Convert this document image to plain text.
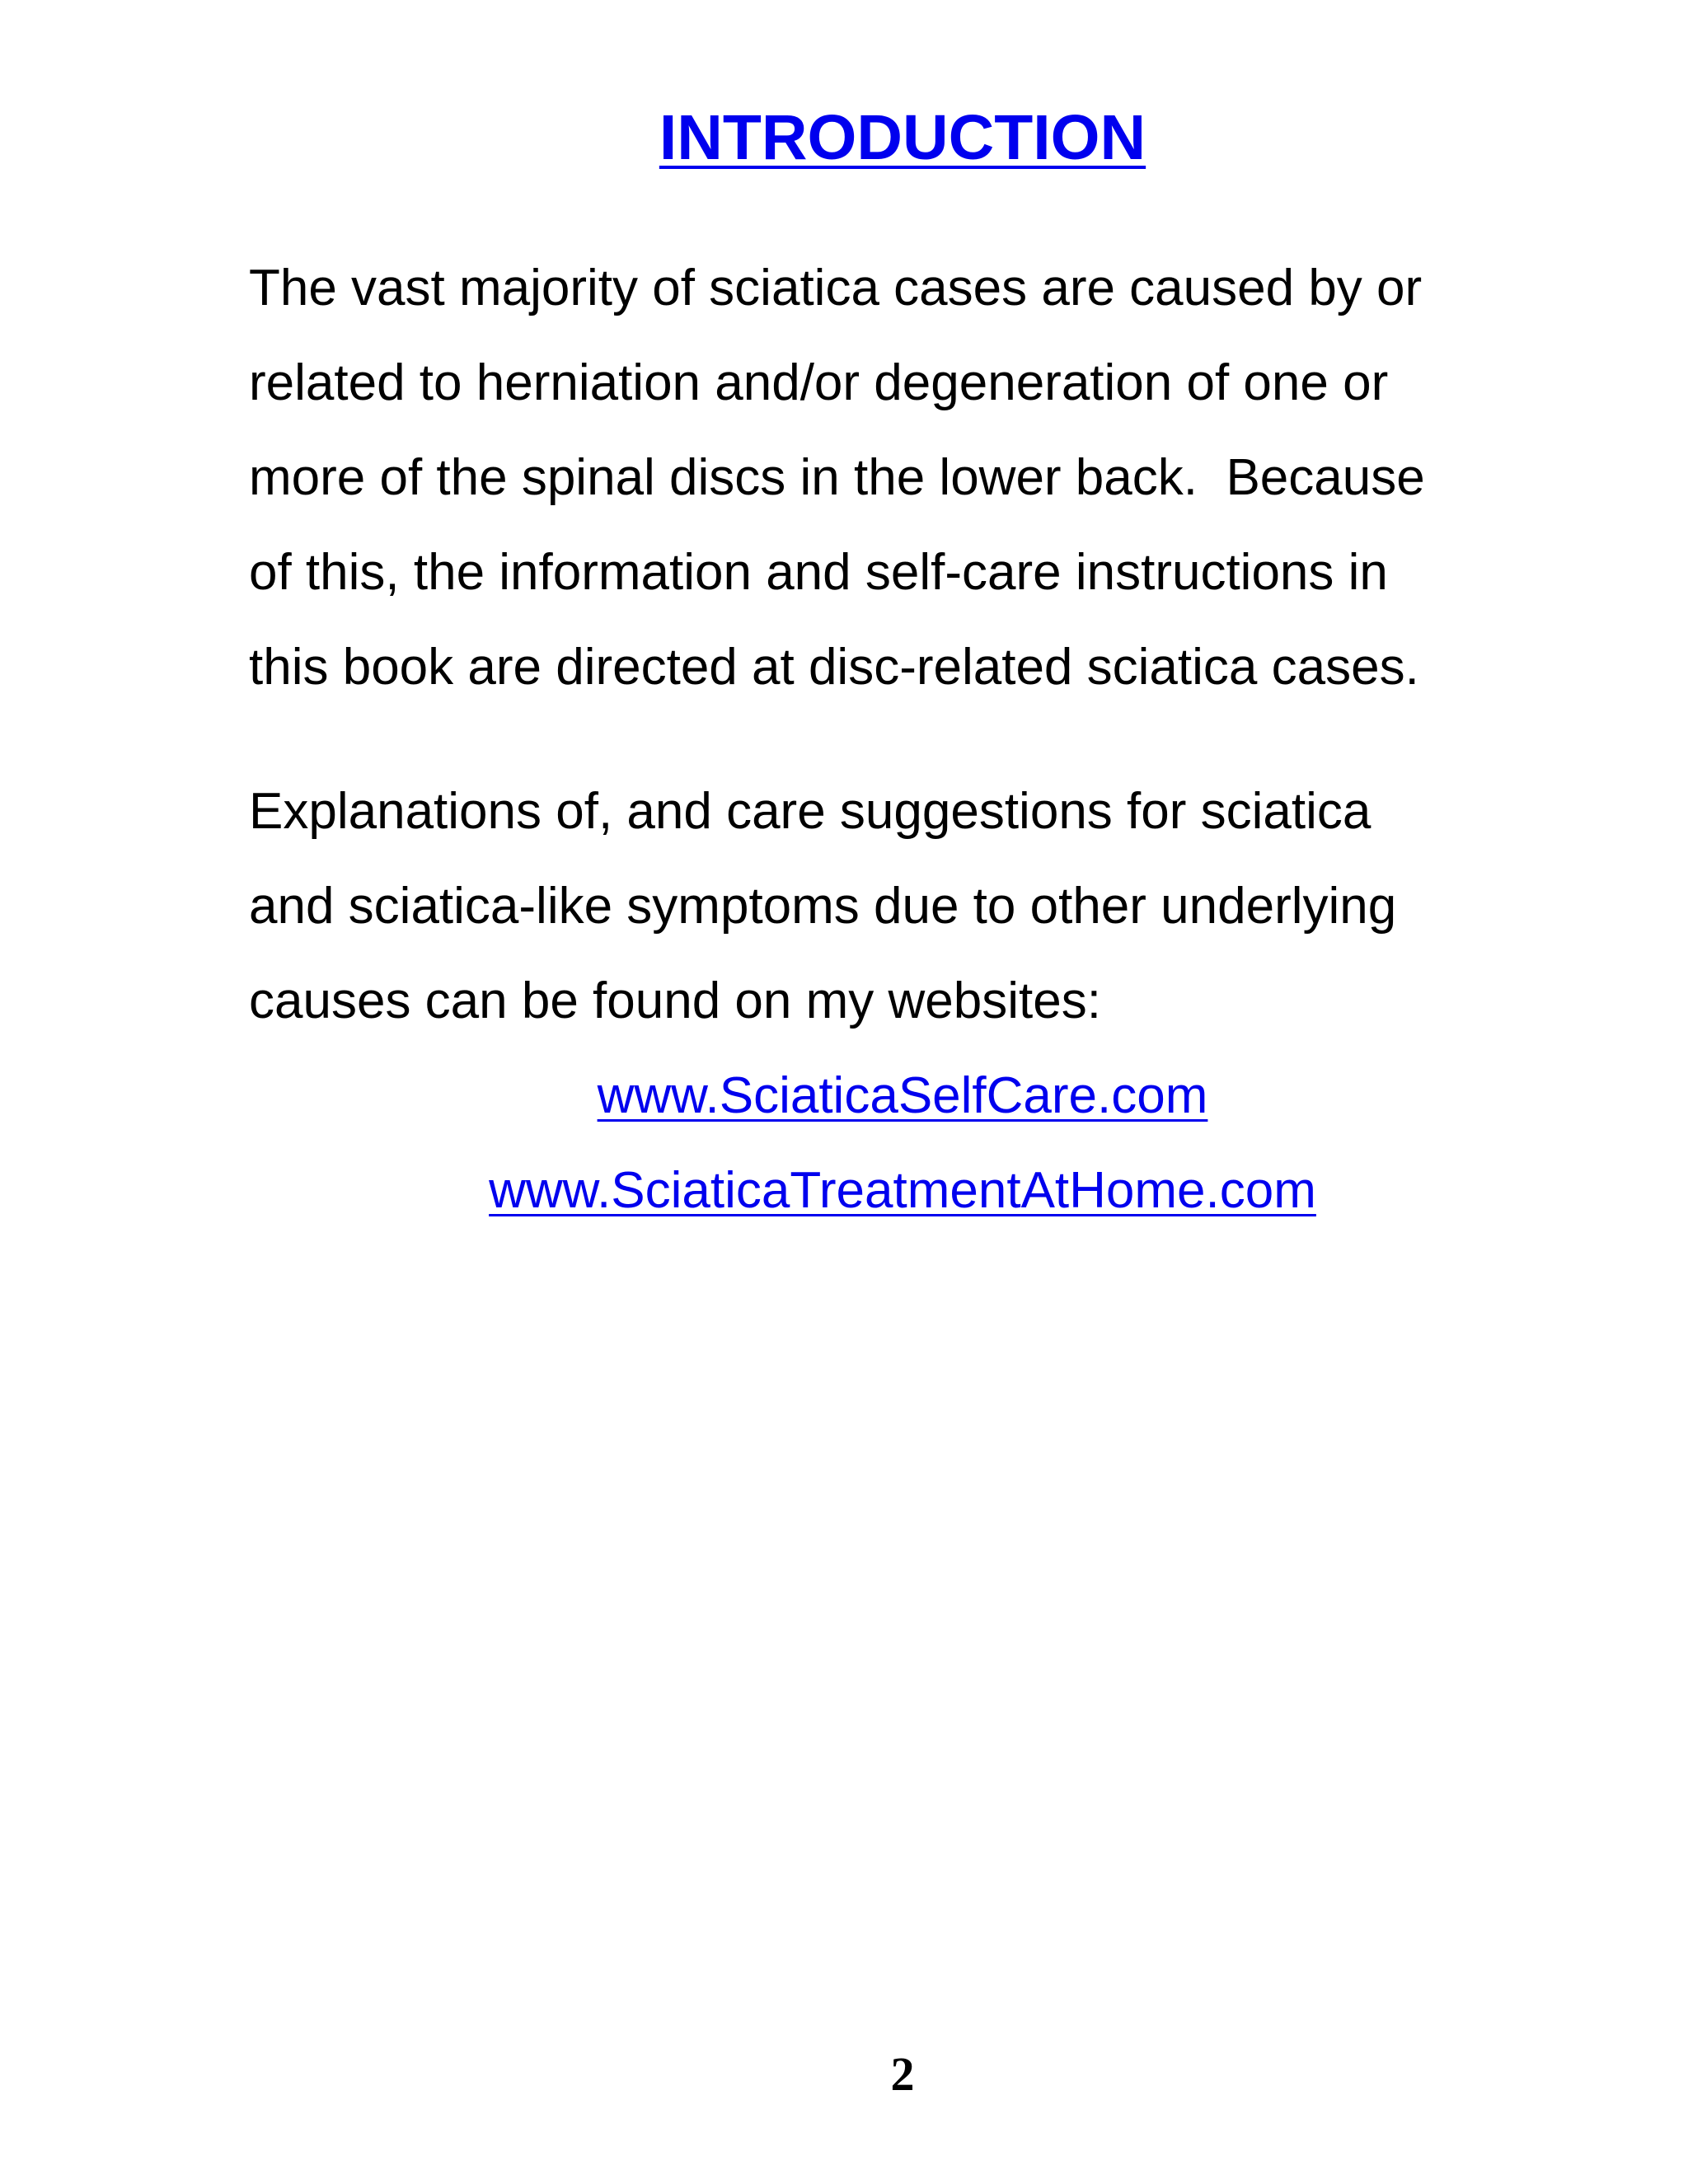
INTRODUCTION
The vast majority of sciatica cases are caused by or
related to herniation and/or degeneration of one or
more of the spinal discs in the lower back.  Because
of this, the information and self-care instructions in
this book are directed at disc-related sciatica cases.
Explanations of, and care suggestions for sciatica
and sciatica-like symptoms due to other underlying
causes can be found on my websites:
www.SciaticaSelfCare.com
www.SciaticaTreatmentAtHome.com
2
